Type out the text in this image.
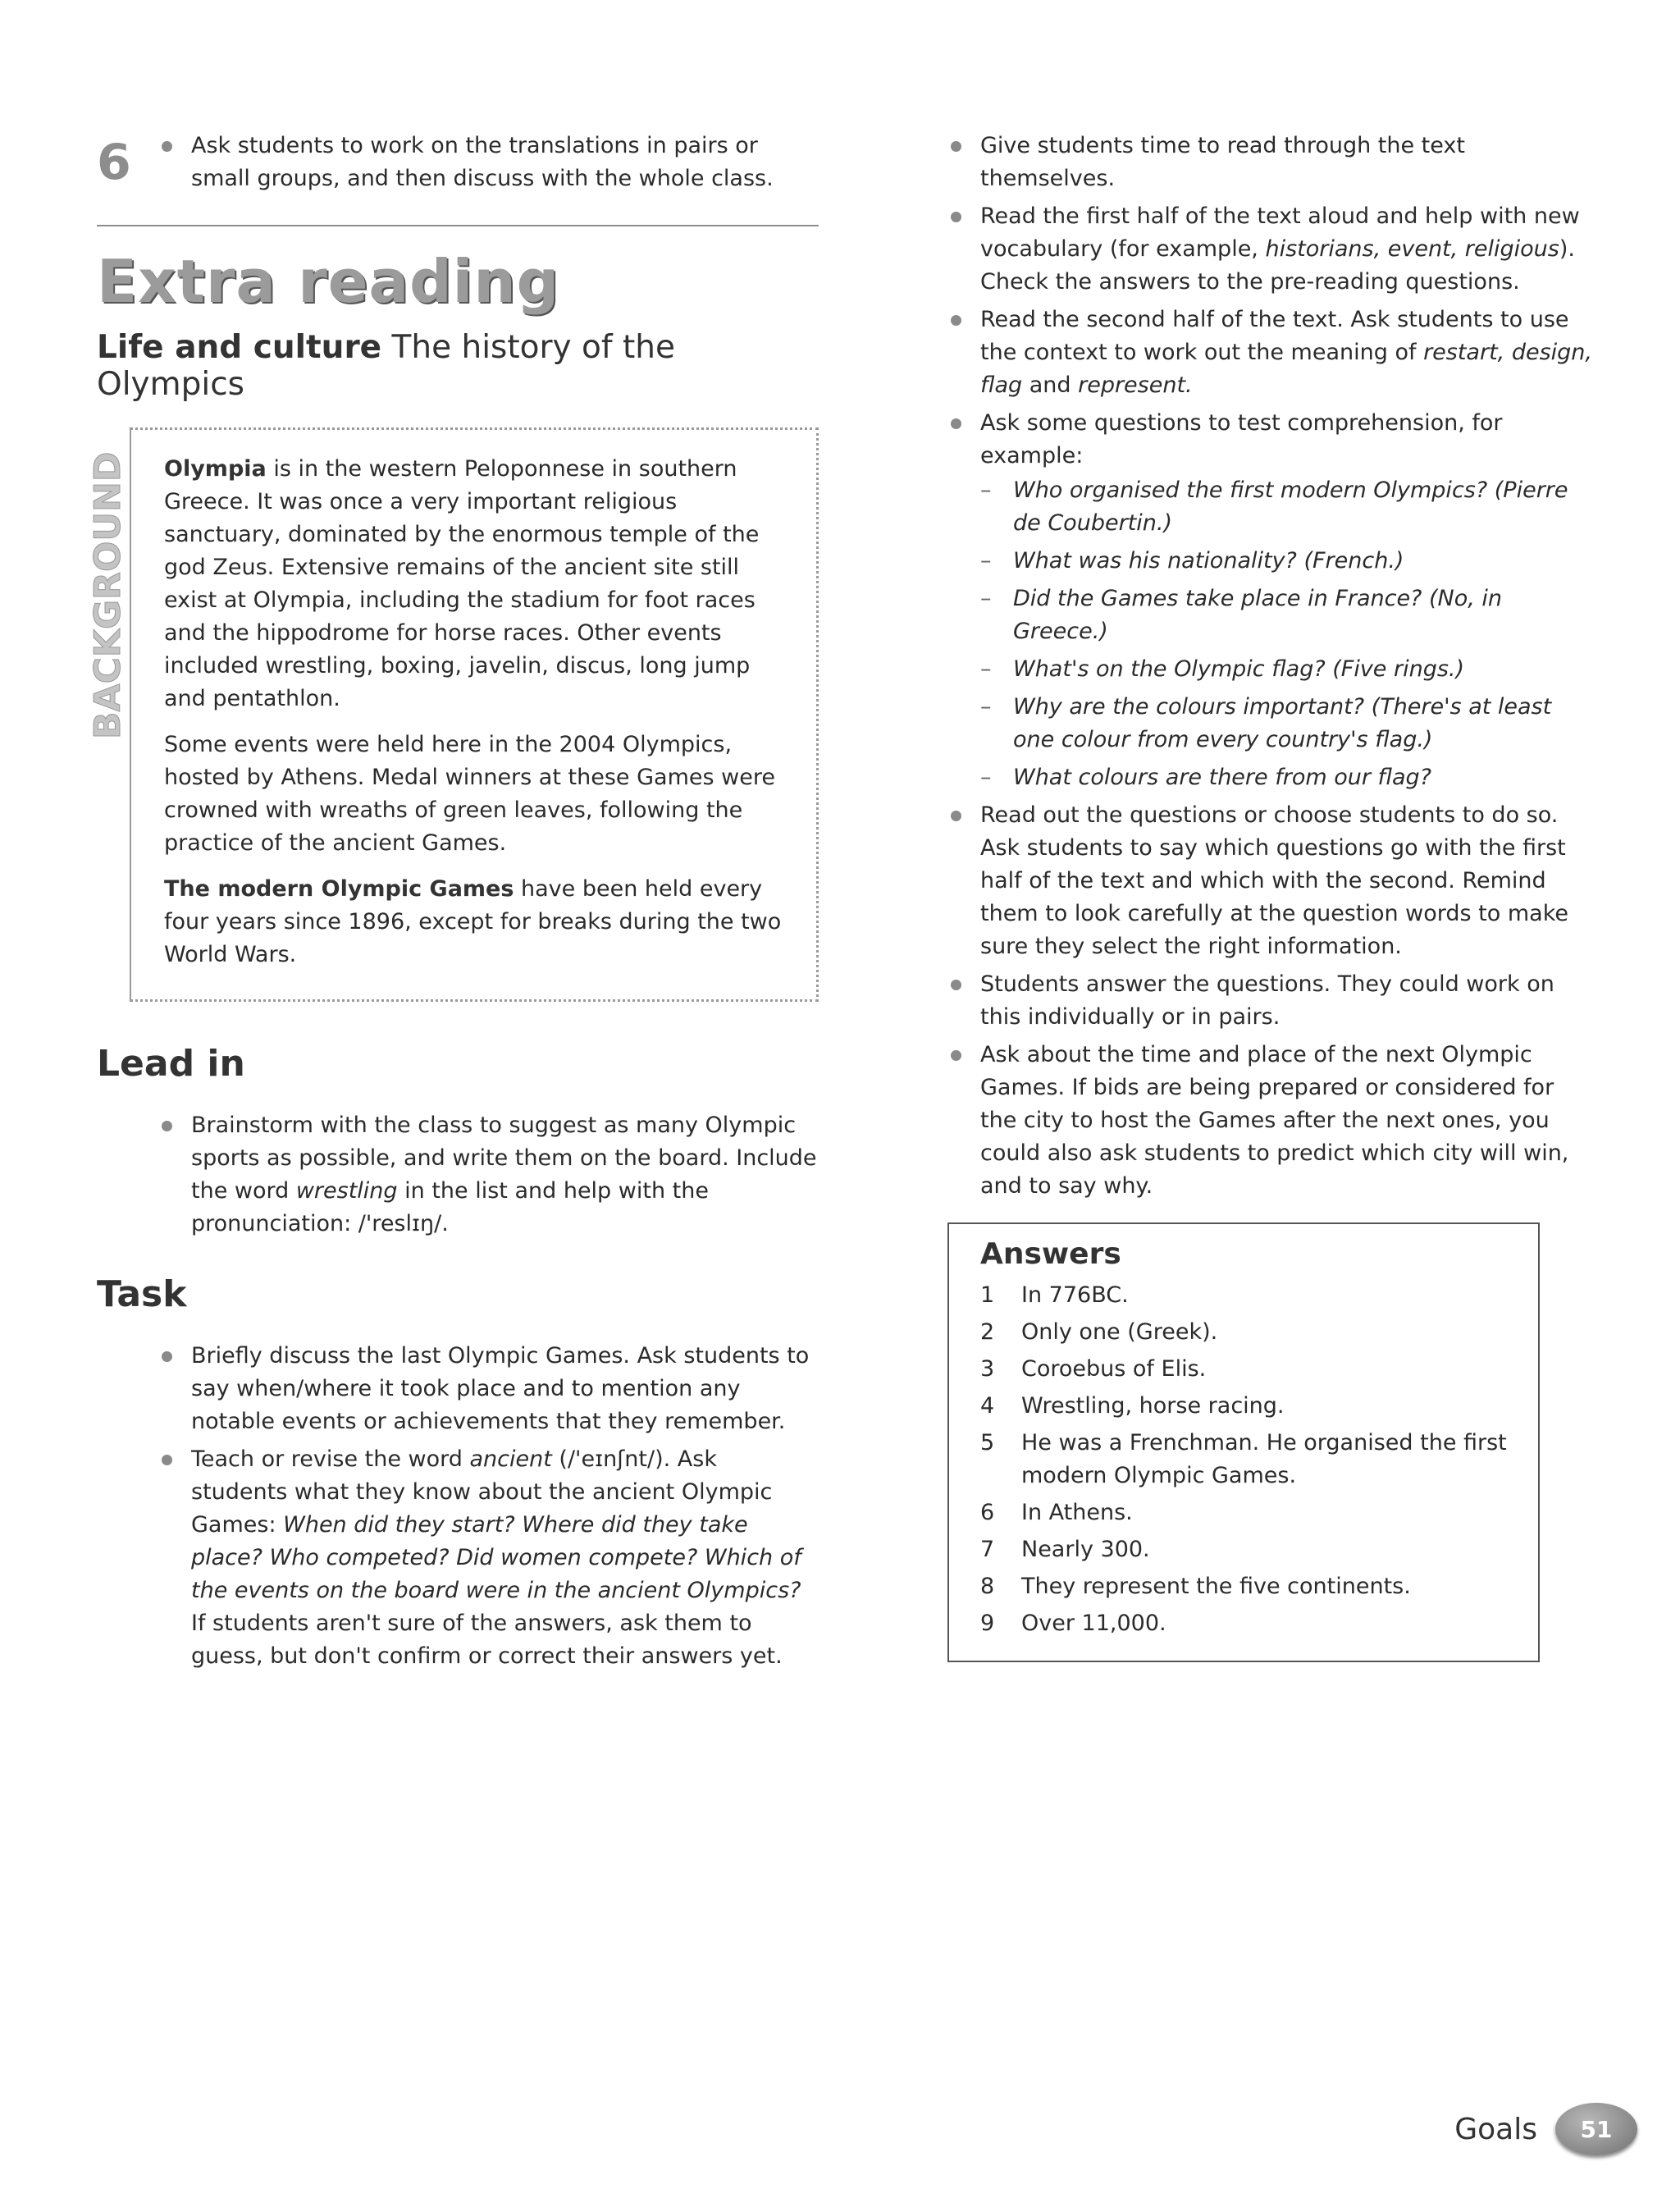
6	Ask students to work on the translations in pairs or small groups, and then discuss with the whole class.
Extra reading
Life and culture The history of the Olympics
BACKGROUND Olympia is in the western Peloponnese in southern Greece. It was once a very important religious sanctuary, dominated by the enormous temple of the god Zeus. Extensive remains of the ancient site still exist at Olympia, including the stadium for foot races and the hippodrome for horse races. Other events included wrestling, boxing, javelin, discus, long jump and pentathlon.

Some events were held here in the 2004 Olympics, hosted by Athens. Medal winners at these Games were crowned with wreaths of green leaves, following the practice of the ancient Games.

The modern Olympic Games have been held every four years since 1896, except for breaks during the two World Wars.

Lead in
Brainstorm with the class to suggest as many Olympic sports as possible, and write them on the board. Include the word wrestling in the list and help with the pronunciation: /'reslɪŋ/.
Task
Briefly discuss the last Olympic Games. Ask students to say when/where it took place and to mention any notable events or achievements that they remember.
Teach or revise the word ancient (/'eɪnʃnt/). Ask students what they know about the ancient Olympic Games: When did they start? Where did they take place? Who competed? Did women compete? Which of the events on the board were in the ancient Olympics? If students aren't sure of the answers, ask them to guess, but don't confirm or correct their answers yet.
Give students time to read through the text themselves.
Read the first half of the text aloud and help with new vocabulary (for example, historians, event, religious). Check the answers to the pre-reading questions.
Read the second half of the text. Ask students to use the context to work out the meaning of restart, design, flag and represent.
Ask some questions to test comprehension, for example:
– Who organised the first modern Olympics? (Pierre de Coubertin.)
– What was his nationality? (French.)
– Did the Games take place in France? (No, in Greece.)
– What's on the Olympic flag? (Five rings.)
– Why are the colours important? (There's at least one colour from every country's flag.)
– What colours are there from our flag?
Read out the questions or choose students to do so. Ask students to say which questions go with the first half of the text and which with the second. Remind them to look carefully at the question words to make sure they select the right information.
Students answer the questions. They could work on this individually or in pairs.
Ask about the time and place of the next Olympic Games. If bids are being prepared or considered for the city to host the Games after the next ones, you could also ask students to predict which city will win, and to say why.
Answers
1 In 776BC.
2 Only one (Greek).
3 Coroebus of Elis.
4 Wrestling, horse racing.
5 He was a Frenchman. He organised the first modern Olympic Games.
6 In Athens.
7 Nearly 300.
8 They represent the five continents.
9 Over 11,000.
Goals	51
